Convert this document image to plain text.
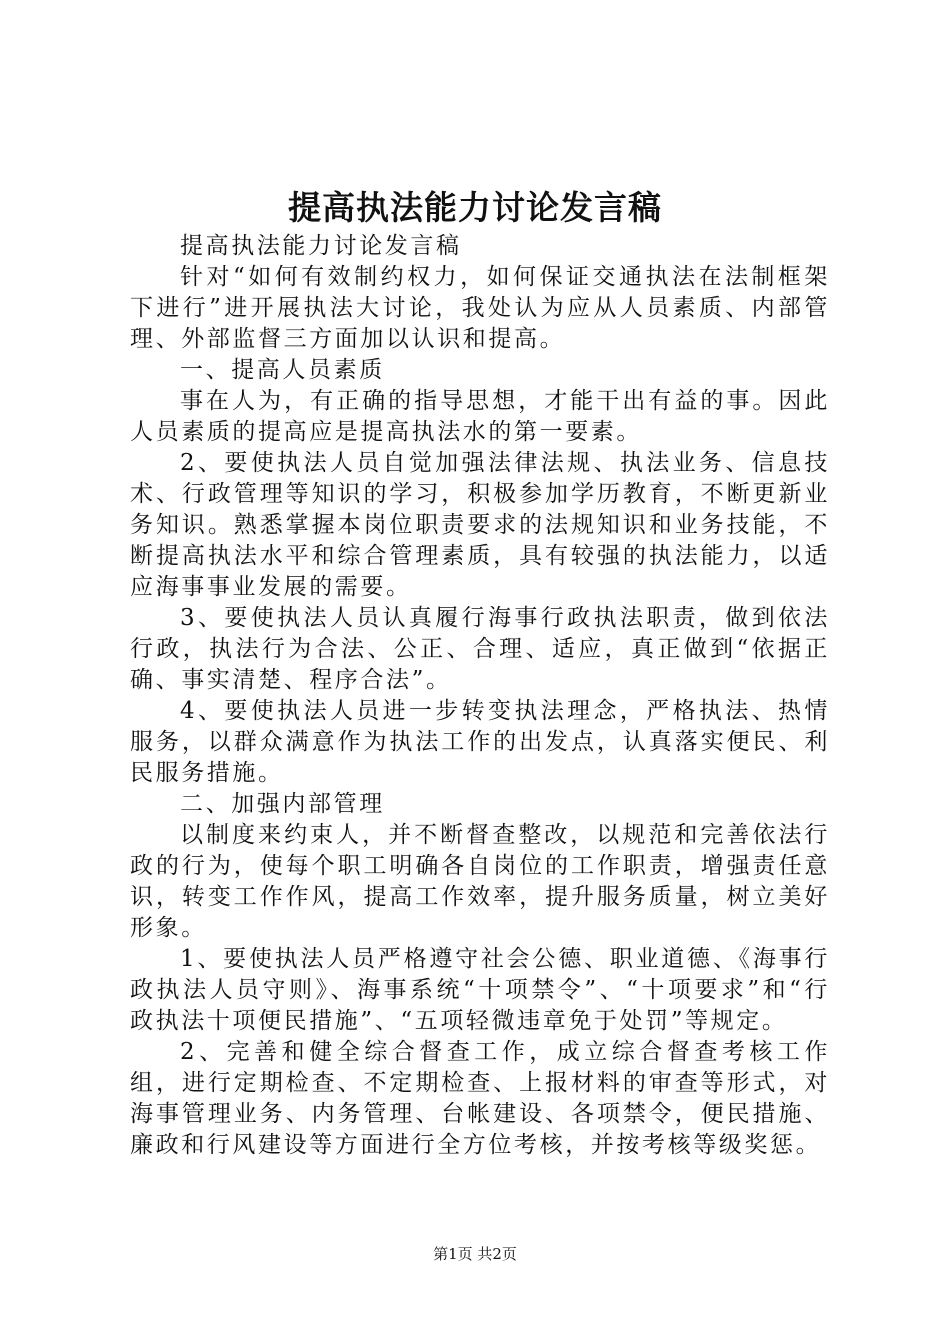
提高执法能力讨论发言稿

提高执法能力讨论发言稿

针对“如何有效制约权力，如何保证交通执法在法制框架下进行”进开展执法大讨论，我处认为应从人员素质、内部管理、外部监督三方面加以认识和提高。

一、提高人员素质

事在人为，有正确的指导思想，才能干出有益的事。因此人员素质的提高应是提高执法水的第一要素。

2、要使执法人员自觉加强法律法规、执法业务、信息技术、行政管理等知识的学习，积极参加学历教育，不断更新业务知识。熟悉掌握本岗位职责要求的法规知识和业务技能，不断提高执法水平和综合管理素质，具有较强的执法能力，以适应海事事业发展的需要。

3、要使执法人员认真履行海事行政执法职责，做到依法行政，执法行为合法、公正、合理、适应，真正做到“依据正确、事实清楚、程序合法”。

4、要使执法人员进一步转变执法理念，严格执法、热情服务，以群众满意作为执法工作的出发点，认真落实便民、利民服务措施。

二、加强内部管理

以制度来约束人，并不断督查整改，以规范和完善依法行政的行为，使每个职工明确各自岗位的工作职责，增强责任意识，转变工作作风，提高工作效率，提升服务质量，树立美好形象。

1、要使执法人员严格遵守社会公德、职业道德、《海事行政执法人员守则》、海事系统“十项禁令”、“十项要求”和“行政执法十项便民措施”、“五项轻微违章免于处罚”等规定。

2、完善和健全综合督查工作，成立综合督查考核工作组，进行定期检查、不定期检查、上报材料的审查等形式，对海事管理业务、内务管理、台帐建设、各项禁令，便民措施、廉政和行风建设等方面进行全方位考核，并按考核等级奖惩。

第1页 共2页
